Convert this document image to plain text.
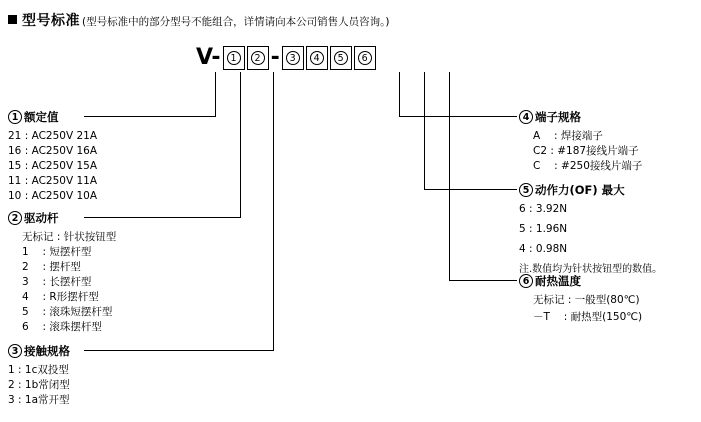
型号标准 (型号标准中的部分型号不能组合，详情请向本公司销售人员咨询。)
V-	1	2 -	3	4	5	6
1 额定值
21 : AC250V 21A
16 : AC250V 16A
15 : AC250V 15A
11 : AC250V 11A
10 : AC250V 10A
2 驱动杆
无标记 : 针状按钮型
1　 : 短摆杆型
2　 : 摆杆型
3　 : 长摆杆型
4　 : R形摆杆型
5　 : 滚珠短摆杆型
6　 : 滚珠摆杆型
3 接触规格
1 : 1c双投型
2 : 1b常闭型
3 : 1a常开型
4 端子规格
A　 : 焊接端子
C2 : #187接线片端子
C　 : #250接线片端子
5 动作力(OF) 最大
6 : 3.92N
5 : 1.96N
4 : 0.98N
注.数值均为针状按钮型的数值。
6 耐热温度
无标记 : 一般型(80℃)
－T　 : 耐热型(150℃)
